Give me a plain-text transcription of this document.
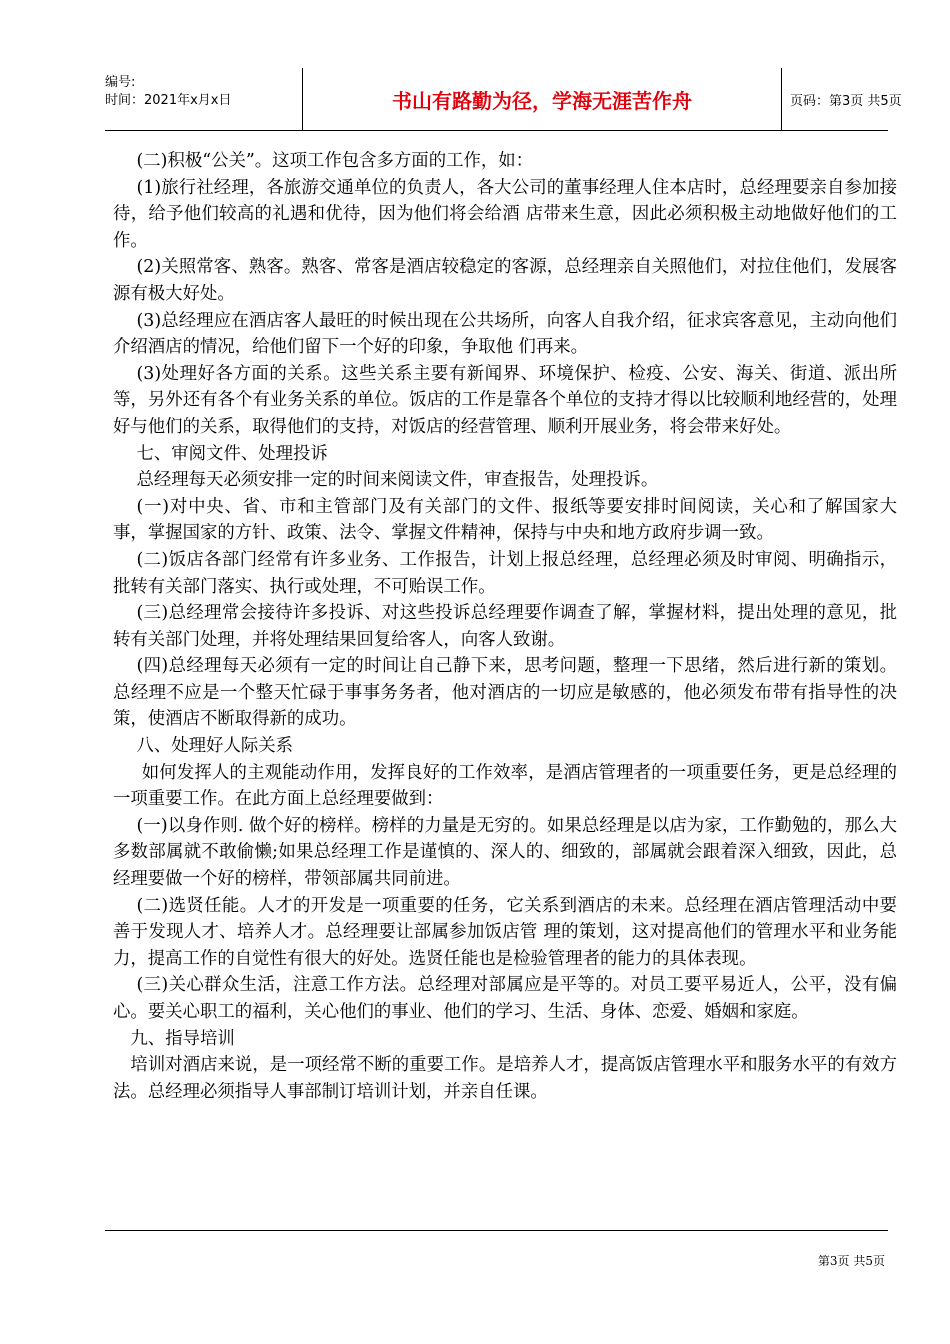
编号:
时间：2021年x月x日	书山有路勤为径，学海无涯苦作舟	页码：第3页 共5页

(二)积极“公关”。这项工作包含多方面的工作，如：

(1)旅行社经理，各旅游交通单位的负责人，各大公司的董事经理人住本店时，总经理要亲自参加接待，给予他们较高的礼遇和优待，因为他们将会给酒 店带来生意，因此必须积极主动地做好他们的工作。

(2)关照常客、熟客。熟客、常客是酒店较稳定的客源，总经理亲自关照他们，对拉住他们，发展客源有极大好处。

(3)总经理应在酒店客人最旺的时候出现在公共场所，向客人自我介绍，征求宾客意见，主动向他们介绍酒店的情况，给他们留下一个好的印象，争取他 们再来。

(3)处理好各方面的关系。这些关系主要有新闻界、环境保护、检疫、公安、海关、街道、派出所等，另外还有各个有业务关系的单位。饭店的工作是靠各个单位的支持才得以比较顺利地经营的，处理好与他们的关系，取得他们的支持，对饭店的经营管理、顺利开展业务，将会带来好处。

七、审阅文件、处理投诉

总经理每天必须安排一定的时间来阅读文件，审查报告，处理投诉。

(一)对中央、省、市和主管部门及有关部门的文件、报纸等要安排时间阅读，关心和了解国家大事，掌握国家的方针、政策、法令、掌握文件精神，保持与中央和地方政府步调一致。

(二)饭店各部门经常有许多业务、工作报告，计划上报总经理，总经理必须及时审阅、明确指示，批转有关部门落实、执行或处理，不可贻误工作。

(三)总经理常会接待许多投诉、对这些投诉总经理要作调查了解，掌握材料，提出处理的意见，批转有关部门处理，并将处理结果回复给客人，向客人致谢。

(四)总经理每天必须有一定的时间让自己静下来，思考问题，整理一下思绪，然后进行新的策划。总经理不应是一个整天忙碌于事事务务者，他对酒店的一切应是敏感的，他必须发布带有指导性的决策，使酒店不断取得新的成功。

八、处理好人际关系

如何发挥人的主观能动作用，发挥良好的工作效率，是酒店管理者的一项重要任务，更是总经理的一项重要工作。在此方面上总经理要做到：

(一)以身作则. 做个好的榜样。榜样的力量是无穷的。如果总经理是以店为家，工作勤勉的，那么大多数部属就不敢偷懒;如果总经理工作是谨慎的、深人的、细致的，部属就会跟着深入细致，因此，总经理要做一个好的榜样，带领部属共同前进。

(二)选贤任能。人才的开发是一项重要的任务，它关系到酒店的未来。总经理在酒店管理活动中要善于发现人才、培养人才。总经理要让部属参加饭店管 理的策划，这对提高他们的管理水平和业务能力，提高工作的自觉性有很大的好处。选贤任能也是检验管理者的能力的具体表现。

(三)关心群众生活，注意工作方法。总经理对部属应是平等的。对员工要平易近人，公平，没有偏心。要关心职工的福利，关心他们的事业、他们的学习、生活、身体、恋爱、婚姻和家庭。

九、指导培训

培训对酒店来说，是一项经常不断的重要工作。是培养人才，提高饭店管理水平和服务水平的有效方法。总经理必须指导人事部制订培训计划，并亲自任课。

第3页 共5页
